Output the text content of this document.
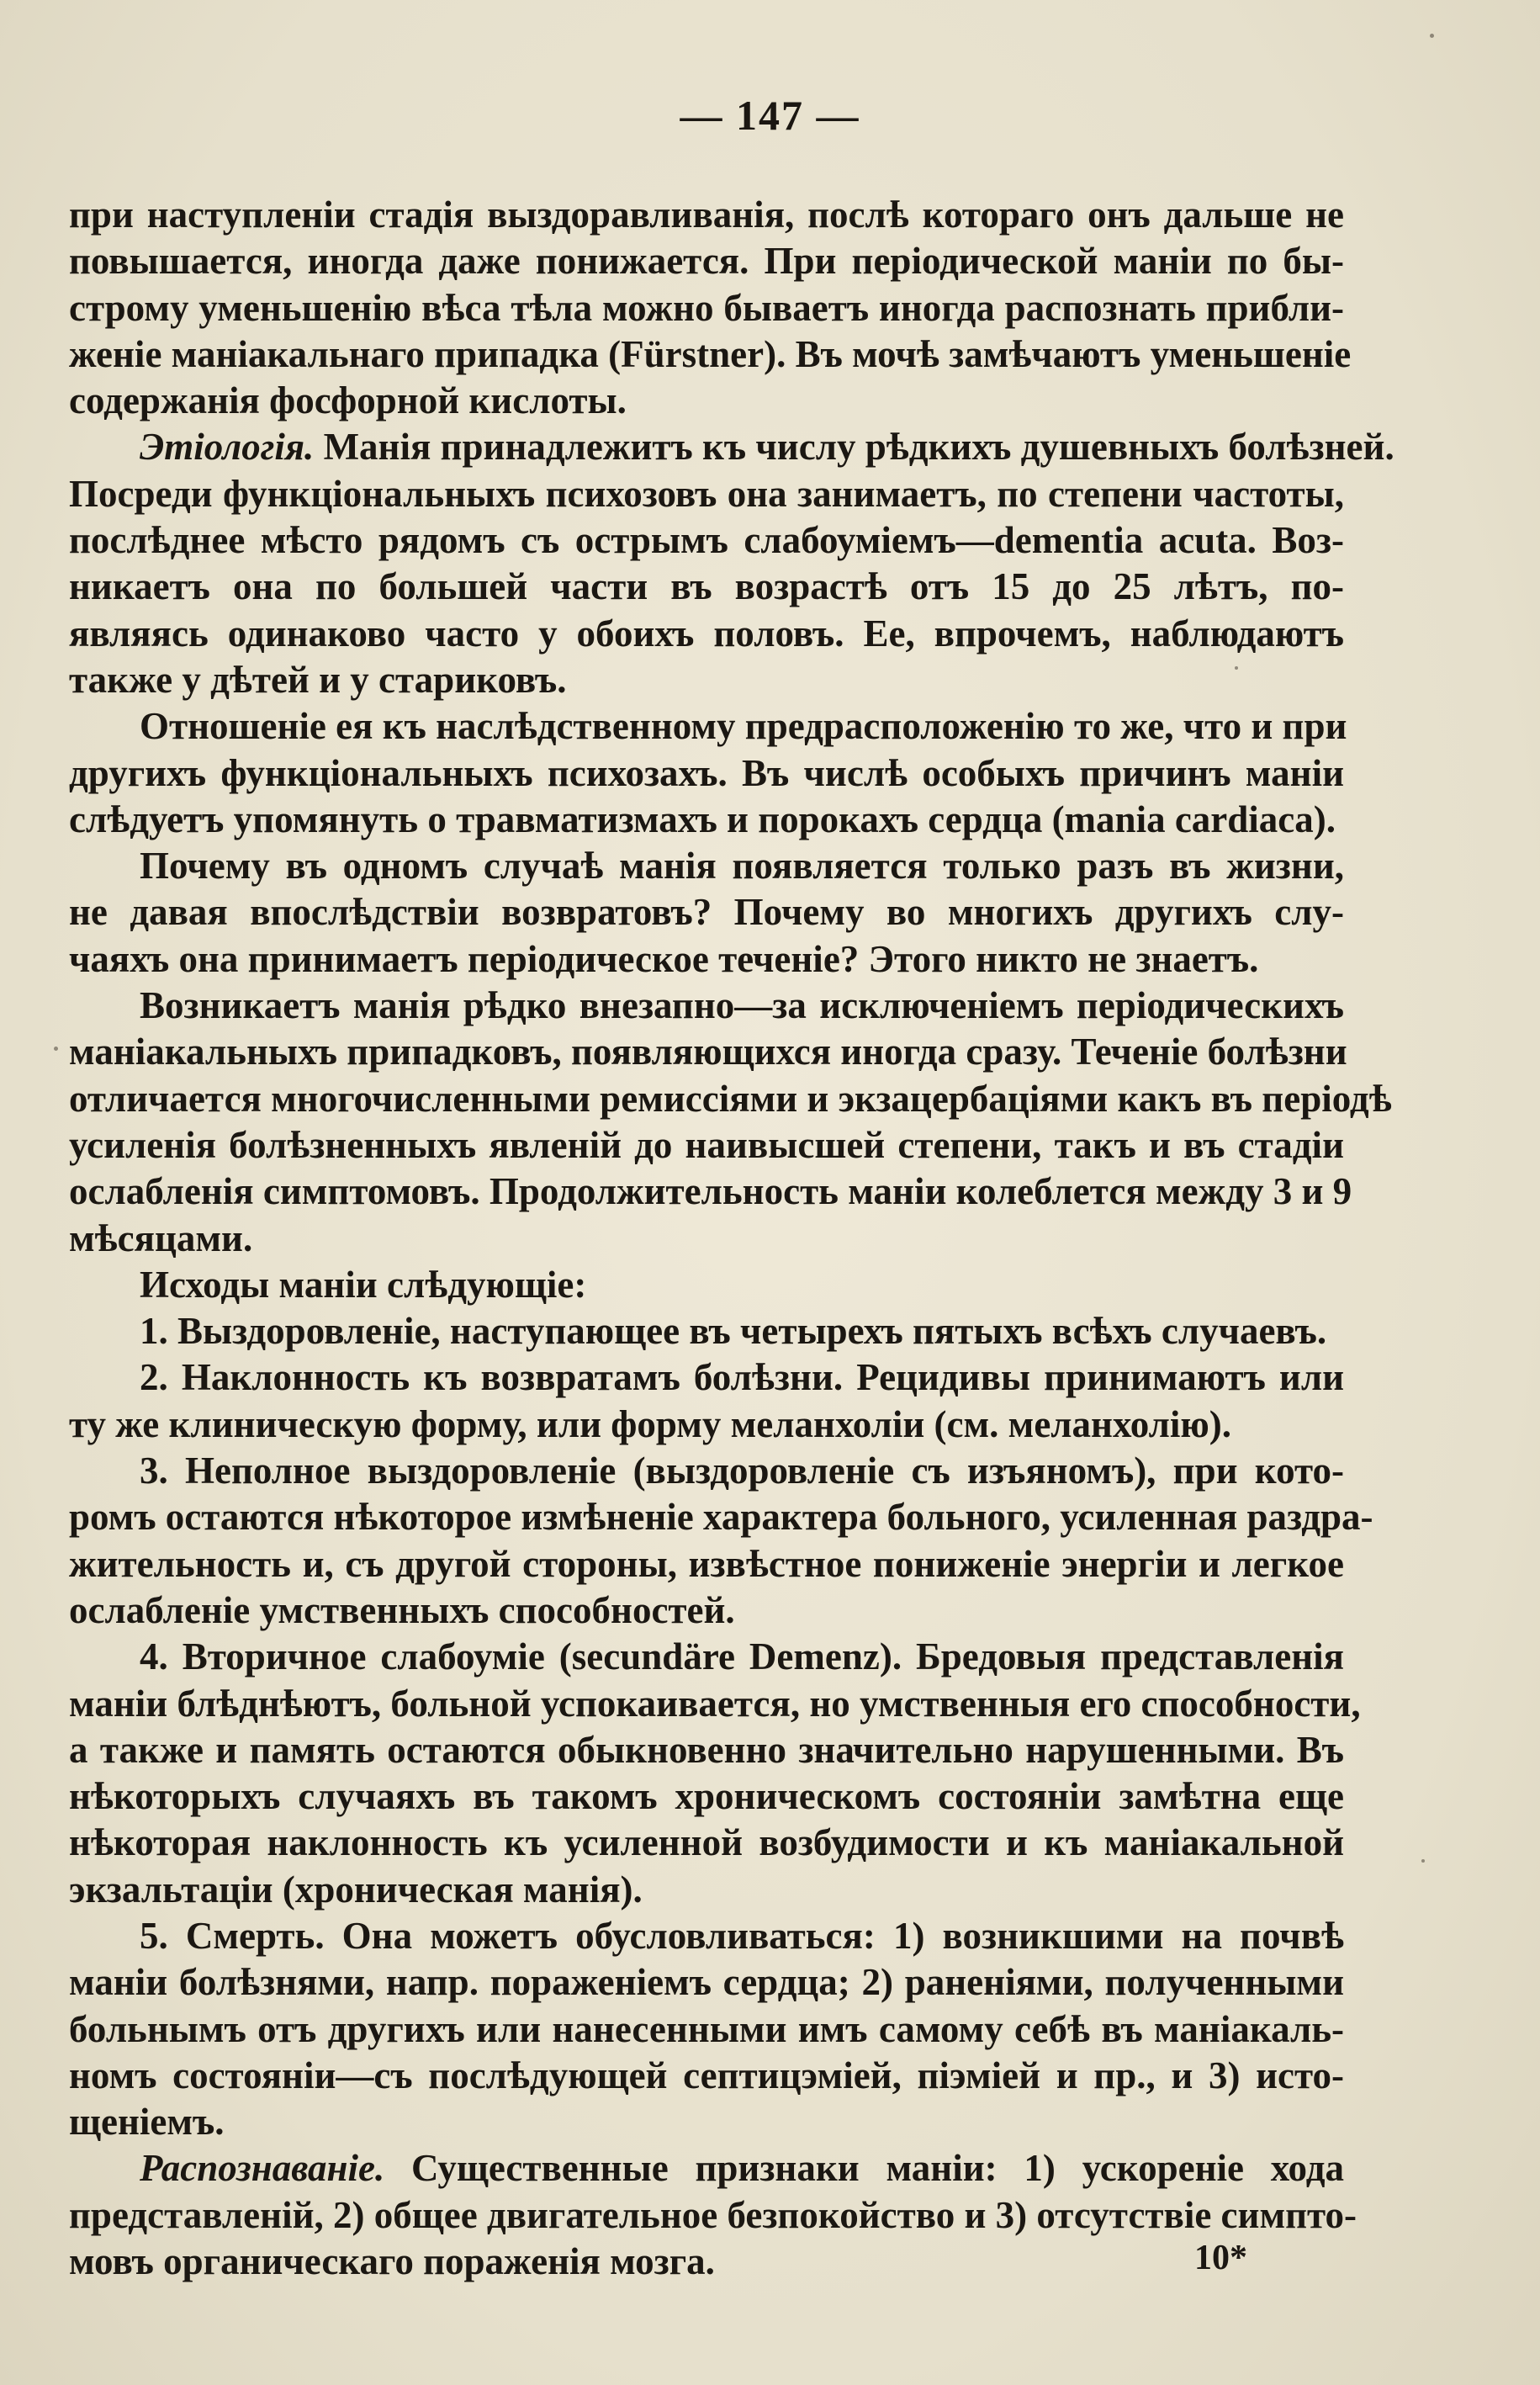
— 147 —
при наступленіи стадія выздоравливанія, послѣ котораго онъ дальше не
повышается, иногда даже понижается. При періодической маніи по бы-
строму уменьшенію вѣса тѣла можно бываетъ иногда распознать прибли-
женіе маніакальнаго припадка (Fürstner). Въ мочѣ замѣчаютъ уменьшеніе
содержанія фосфорной кислоты.
Этіологія. Манія принадлежитъ къ числу рѣдкихъ душевныхъ болѣзней.
Посреди функціональныхъ психозовъ она занимаетъ, по степени частоты,
послѣднее мѣсто рядомъ съ острымъ слабоуміемъ—dementia acuta. Воз-
никаетъ она по большей части въ возрастѣ отъ 15 до 25 лѣтъ, по-
являясь одинаково часто у обоихъ половъ. Ее, впрочемъ, наблюдаютъ
также у дѣтей и у стариковъ.
Отношеніе ея къ наслѣдственному предрасположенію то же, что и при
другихъ функціональныхъ психозахъ. Въ числѣ особыхъ причинъ маніи
слѣдуетъ упомянуть о травматизмахъ и порокахъ сердца (mania cardiaca).
Почему въ одномъ случаѣ манія появляется только разъ въ жизни,
не давая впослѣдствіи возвратовъ? Почему во многихъ другихъ слу-
чаяхъ она принимаетъ періодическое теченіе? Этого никто не знаетъ.
Возникаетъ манія рѣдко внезапно—за исключеніемъ періодическихъ
маніакальныхъ припадковъ, появляющихся иногда сразу. Теченіе болѣзни
отличается многочисленными ремиссіями и экзацербаціями какъ въ періодѣ
усиленія болѣзненныхъ явленій до наивысшей степени, такъ и въ стадіи
ослабленія симптомовъ. Продолжительность маніи колеблется между 3 и 9
мѣсяцами.
Исходы маніи слѣдующіе:
1. Выздоровленіе, наступающее въ четырехъ пятыхъ всѣхъ случаевъ.
2. Наклонность къ возвратамъ болѣзни. Рецидивы принимаютъ или
ту же клиническую форму, или форму меланхоліи (см. меланхолію).
3. Неполное выздоровленіе (выздоровленіе съ изъяномъ), при кото-
ромъ остаются нѣкоторое измѣненіе характера больного, усиленная раздра-
жительность и, съ другой стороны, извѣстное пониженіе энергіи и легкое
ослабленіе умственныхъ способностей.
4. Вторичное слабоуміе (secundäre Demenz). Бредовыя представленія
маніи блѣднѣютъ, больной успокаивается, но умственныя его способности,
а также и память остаются обыкновенно значительно нарушенными. Въ
нѣкоторыхъ случаяхъ въ такомъ хроническомъ состояніи замѣтна еще
нѣкоторая наклонность къ усиленной возбудимости и къ маніакальной
экзальтаціи (хроническая манія).
5. Смерть. Она можетъ обусловливаться: 1) возникшими на почвѣ
маніи болѣзнями, напр. пораженіемъ сердца; 2) раненіями, полученными
больнымъ отъ другихъ или нанесенными имъ самому себѣ въ маніакаль-
номъ состояніи—съ послѣдующей септицэміей, піэміей и пр., и 3) исто-
щеніемъ.
Распознаваніе. Существенные признаки маніи: 1) ускореніе хода
представленій, 2) общее двигательное безпокойство и 3) отсутствіе симпто-
мовъ органическаго пораженія мозга.	10*
